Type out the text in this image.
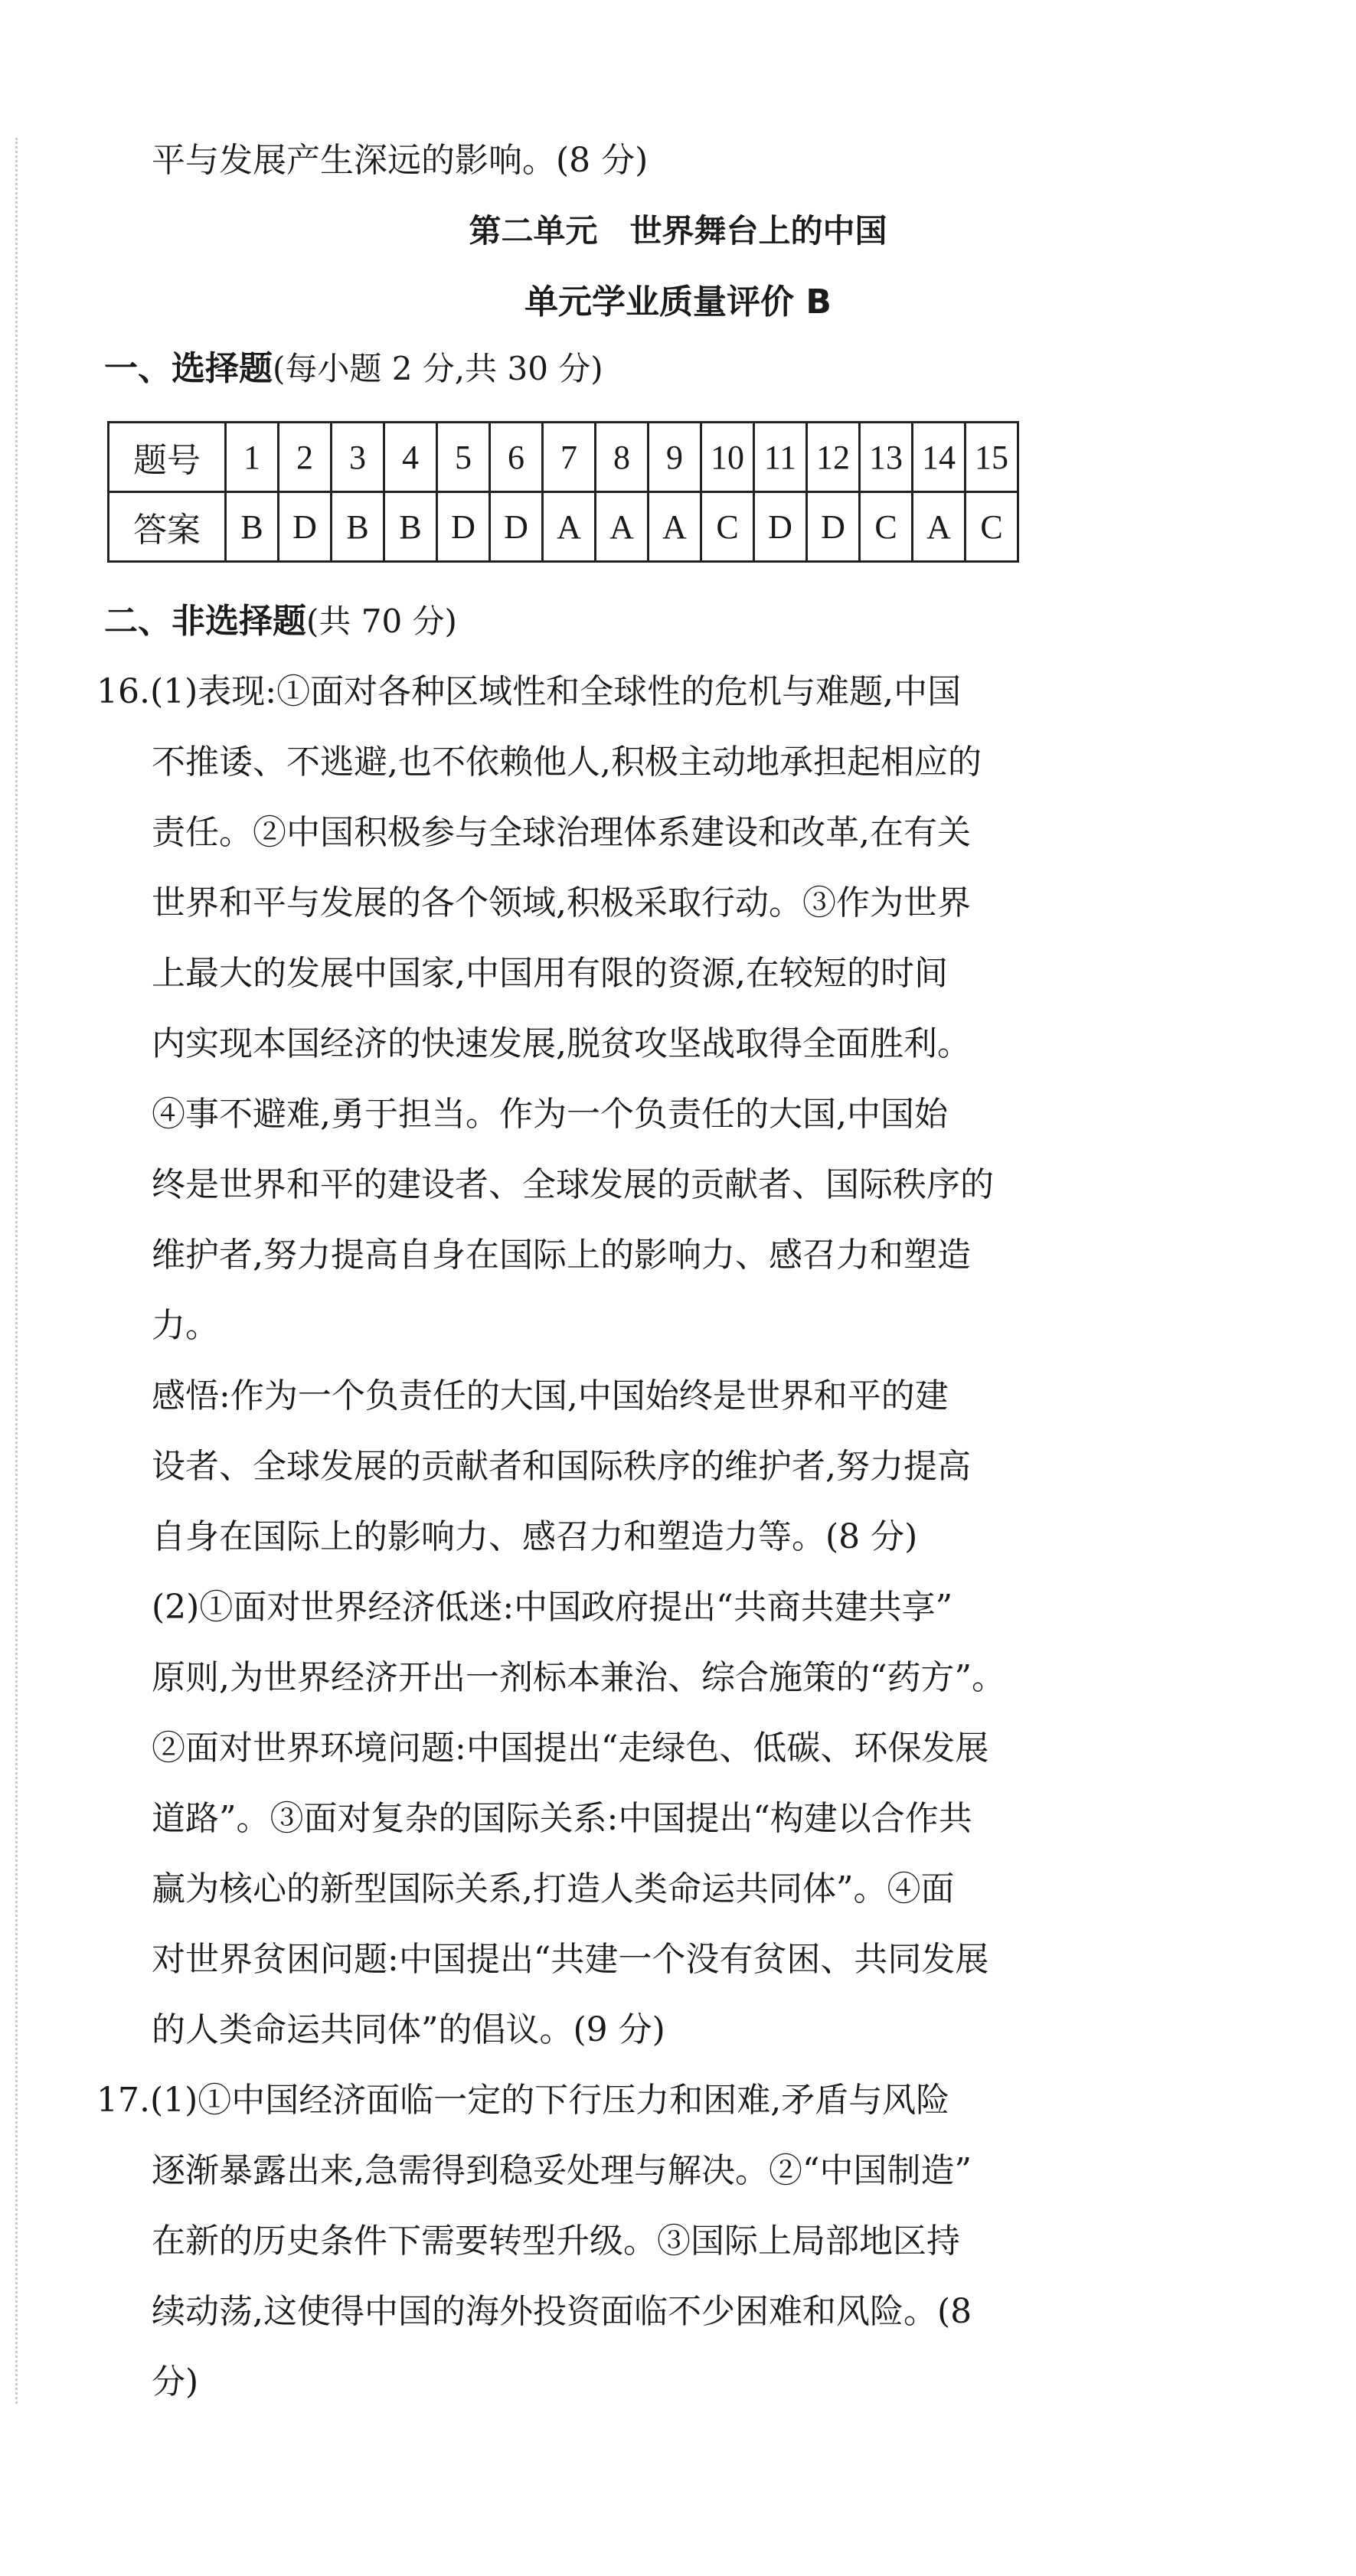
平与发展产生深远的影响。(8 分)
第二单元　世界舞台上的中国
单元学业质量评价 B
一、选择题(每小题 2 分,共 30 分)
题号	1	2	3	4	5	6	7	8	9	10	11	12	13	14	15
答案	B	D	B	B	D	D	A	A	A	C	D	D	C	A	C
二、非选择题(共 70 分)
16.(1)表现:①面对各种区域性和全球性的危机与难题,中国
不推诿、不逃避,也不依赖他人,积极主动地承担起相应的
责任。②中国积极参与全球治理体系建设和改革,在有关
世界和平与发展的各个领域,积极采取行动。③作为世界
上最大的发展中国家,中国用有限的资源,在较短的时间
内实现本国经济的快速发展,脱贫攻坚战取得全面胜利。
④事不避难,勇于担当。作为一个负责任的大国,中国始
终是世界和平的建设者、全球发展的贡献者、国际秩序的
维护者,努力提高自身在国际上的影响力、感召力和塑造
力。
感悟:作为一个负责任的大国,中国始终是世界和平的建
设者、全球发展的贡献者和国际秩序的维护者,努力提高
自身在国际上的影响力、感召力和塑造力等。(8 分)
(2)①面对世界经济低迷:中国政府提出“共商共建共享”
原则,为世界经济开出一剂标本兼治、综合施策的“药方”。
②面对世界环境问题:中国提出“走绿色、低碳、环保发展
道路”。③面对复杂的国际关系:中国提出“构建以合作共
赢为核心的新型国际关系,打造人类命运共同体”。④面
对世界贫困问题:中国提出“共建一个没有贫困、共同发展
的人类命运共同体”的倡议。(9 分)
17.(1)①中国经济面临一定的下行压力和困难,矛盾与风险
逐渐暴露出来,急需得到稳妥处理与解决。②“中国制造”
在新的历史条件下需要转型升级。③国际上局部地区持
续动荡,这使得中国的海外投资面临不少困难和风险。(8
分)
